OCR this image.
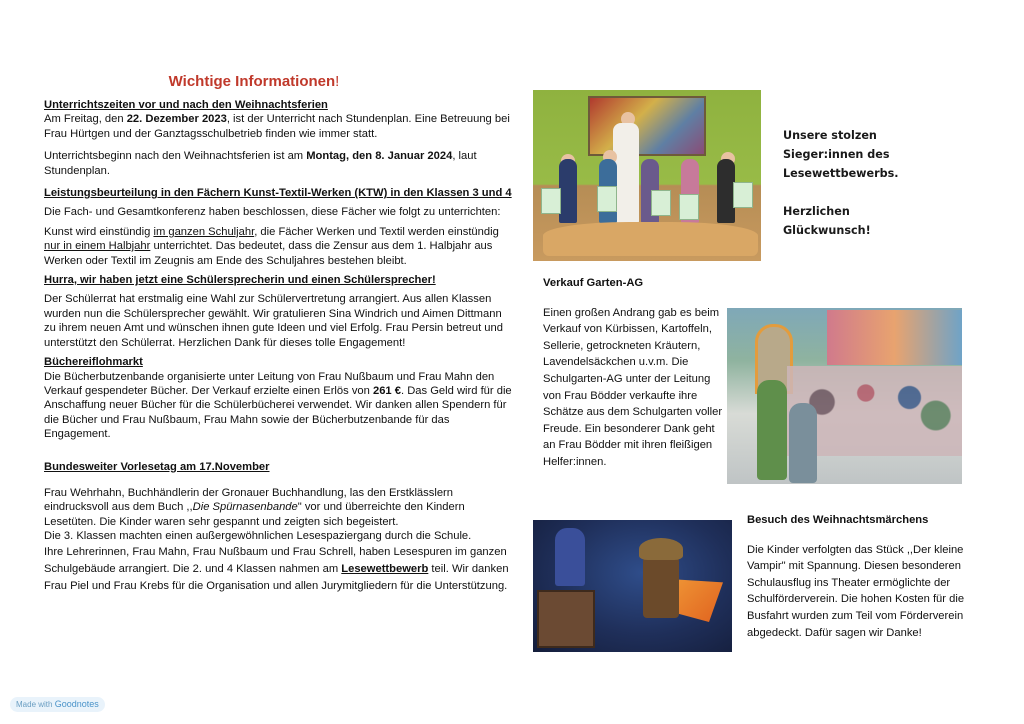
Wichtige Informationen!
Unterrichtszeiten vor und nach den Weihnachtsferien
Am Freitag, den 22. Dezember 2023, ist der Unterricht nach Stundenplan. Eine Betreuung bei Frau Hürtgen und der Ganztagsschulbetrieb finden wie immer statt.
Unterrichtsbeginn nach den Weihnachtsferien ist am Montag, den 8. Januar 2024, laut Stundenplan.
Leistungsbeurteilung in den Fächern Kunst-Textil-Werken (KTW) in den Klassen 3 und 4
Die Fach- und Gesamtkonferenz haben beschlossen, diese Fächer wie folgt zu unterrichten:
Kunst wird einstündig im ganzen Schuljahr, die Fächer Werken und Textil werden einstündig nur in einem Halbjahr unterrichtet. Das bedeutet, dass die Zensur aus dem 1. Halbjahr aus Werken oder Textil im Zeugnis am Ende des Schuljahres bestehen bleibt.
Hurra, wir haben jetzt eine Schülersprecherin und einen Schülersprecher!
Der Schülerrat hat erstmalig eine Wahl zur Schülervertretung arrangiert. Aus allen Klassen wurden nun die Schülersprecher gewählt. Wir gratulieren Sina Windrich und Aimen Dittmann zu ihrem neuen Amt und wünschen ihnen gute Ideen und viel Erfolg. Frau Persin betreut und unterstützt den Schülerrat. Herzlichen Dank für dieses tolle Engagement!
Büchereiflohmarkt
Die Bücherbutzenbande organisierte unter Leitung von Frau Nußbaum und Frau Mahn den Verkauf gespendeter Bücher. Der Verkauf erzielte einen Erlös von 261 €. Das Geld wird für die Anschaffung neuer Bücher für die Schülerbücherei verwendet. Wir danken allen Spendern für die Bücher und Frau Nußbaum, Frau Mahn sowie der Bücherbutzenbande für das Engagement.
Bundesweiter Vorlesetag am 17.November
Frau Wehrhahn, Buchhändlerin der Gronauer Buchhandlung, las den Erstklässlern eindrucksvoll aus dem Buch ,,Die Spürnasenbande" vor und überreichte den Kindern Lesetüten. Die Kinder waren sehr gespannt und zeigten sich begeistert.
Die 3. Klassen machten einen außergewöhnlichen Lesespaziergang durch die Schule.
Ihre Lehrerinnen, Frau Mahn, Frau Nußbaum und Frau Schrell, haben Lesespuren im ganzen Schulgebäude arrangiert. Die 2. und 4 Klassen nahmen am Lesewettbewerb teil. Wir danken Frau Piel und Frau Krebs für die Organisation und allen Jurymitgliedern für die Unterstützung.
Unsere stolzen
Sieger:innen des
Lesewettbewerbs.
Herzlichen
Glückwunsch!
Verkauf Garten-AG
Einen großen Andrang gab es beim Verkauf von Kürbissen, Kartoffeln, Sellerie, getrockneten Kräutern, Lavendelsäckchen u.v.m. Die Schulgarten-AG unter der Leitung von Frau Bödder verkaufte ihre Schätze aus dem Schulgarten voller Freude. Ein besonderer Dank geht an Frau Bödder mit ihren fleißigen Helfer:innen.
Besuch des Weihnachtsmärchens
Die Kinder verfolgten das Stück ,,Der kleine Vampir" mit Spannung. Diesen besonderen Schulausflug ins Theater ermöglichte der Schulförderverein. Die hohen Kosten für die Busfahrt wurden zum Teil vom Förderverein abgedeckt. Dafür sagen wir Danke!
Made with Goodnotes
